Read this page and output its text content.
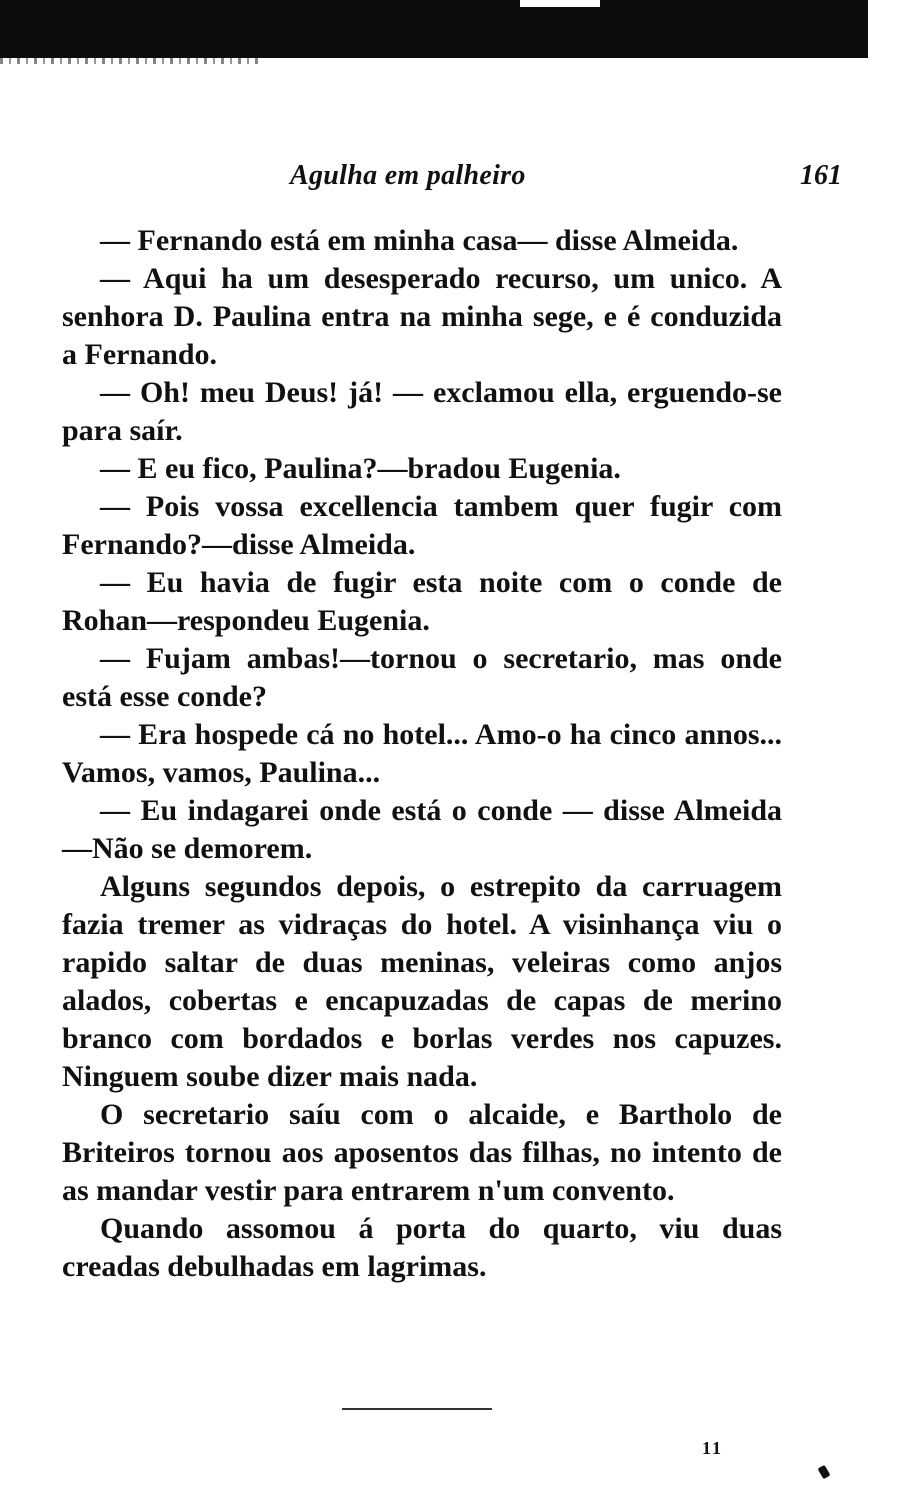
Agulha em palheiro	161

— Fernando está em minha casa— disse Almeida.

— Aqui ha um desesperado recurso, um unico. A senhora D. Paulina entra na minha sege, e é conduzida a Fernando.

— Oh! meu Deus! já! — exclamou ella, erguendo-se para saír.

— E eu fico, Paulina?—bradou Eugenia.

— Pois vossa excellencia tambem quer fugir com Fernando?—disse Almeida.

— Eu havia de fugir esta noite com o conde de Rohan—respondeu Eugenia.

— Fujam ambas!—tornou o secretario, mas onde está esse conde?

— Era hospede cá no hotel... Amo-o ha cinco annos... Vamos, vamos, Paulina...

— Eu indagarei onde está o conde — disse Almeida—Não se demorem.

Alguns segundos depois, o estrepito da carruagem fazia tremer as vidraças do hotel. A visinhança viu o rapido saltar de duas meninas, veleiras como anjos alados, cobertas e encapuzadas de capas de merino branco com bordados e borlas verdes nos capuzes. Ninguem soube dizer mais nada.

O secretario saíu com o alcaide, e Bartholo de Briteiros tornou aos aposentos das filhas, no intento de as mandar vestir para entrarem n'um convento.

Quando assomou á porta do quarto, viu duas creadas debulhadas em lagrimas.

11
